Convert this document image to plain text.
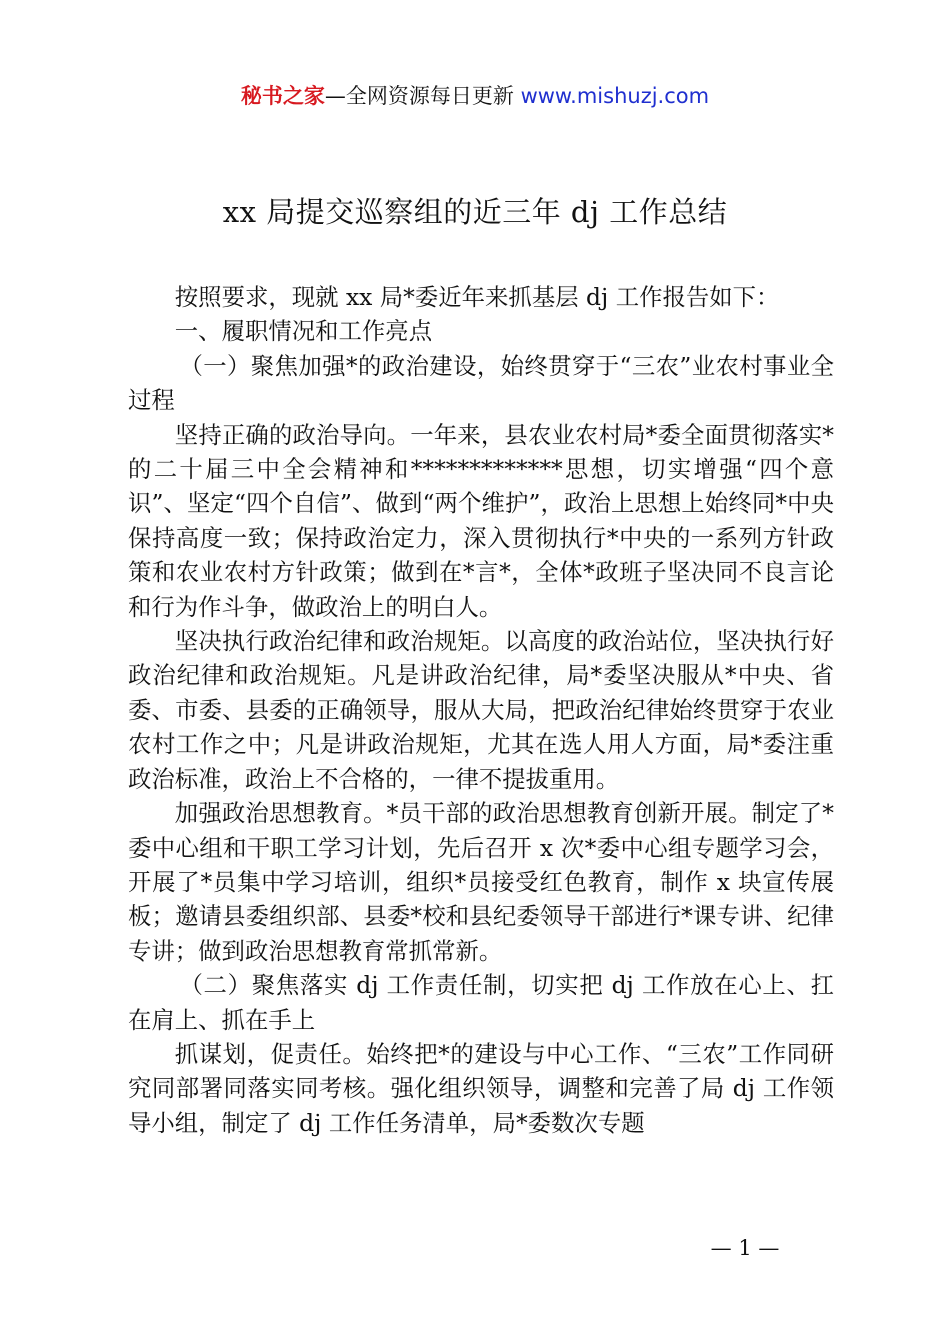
秘书之家—全网资源每日更新 www.mishuzj.com
xx 局提交巡察组的近三年 dj 工作总结

按照要求，现就 xx 局*委近年来抓基层 dj 工作报告如下：

一、履职情况和工作亮点

（一）聚焦加强*的政治建设，始终贯穿于“三农”业农村事业全过程

坚持正确的政治导向。一年来，县农业农村局*委全面贯彻落实*的二十届三中全会精神和*************思想，切实增强“四个意识”、坚定“四个自信”、做到“两个维护”，政治上思想上始终同*中央保持高度一致；保持政治定力，深入贯彻执行*中央的一系列方针政策和农业农村方针政策；做到在*言*，全体*政班子坚决同不良言论和行为作斗争，做政治上的明白人。

坚决执行政治纪律和政治规矩。以高度的政治站位，坚决执行好政治纪律和政治规矩。凡是讲政治纪律，局*委坚决服从*中央、省委、市委、县委的正确领导，服从大局，把政治纪律始终贯穿于农业农村工作之中；凡是讲政治规矩，尤其在选人用人方面，局*委注重政治标准，政治上不合格的，一律不提拔重用。

加强政治思想教育。*员干部的政治思想教育创新开展。制定了*委中心组和干职工学习计划，先后召开 x 次*委中心组专题学习会，开展了*员集中学习培训，组织*员接受红色教育，制作 x 块宣传展板；邀请县委组织部、县委*校和县纪委领导干部进行*课专讲、纪律专讲；做到政治思想教育常抓常新。

（二）聚焦落实 dj 工作责任制，切实把 dj 工作放在心上、扛在肩上、抓在手上

抓谋划，促责任。始终把*的建设与中心工作、“三农”工作同研究同部署同落实同考核。强化组织领导，调整和完善了局 dj 工作领导小组，制定了 dj 工作任务清单，局*委数次专题

— 1 —
